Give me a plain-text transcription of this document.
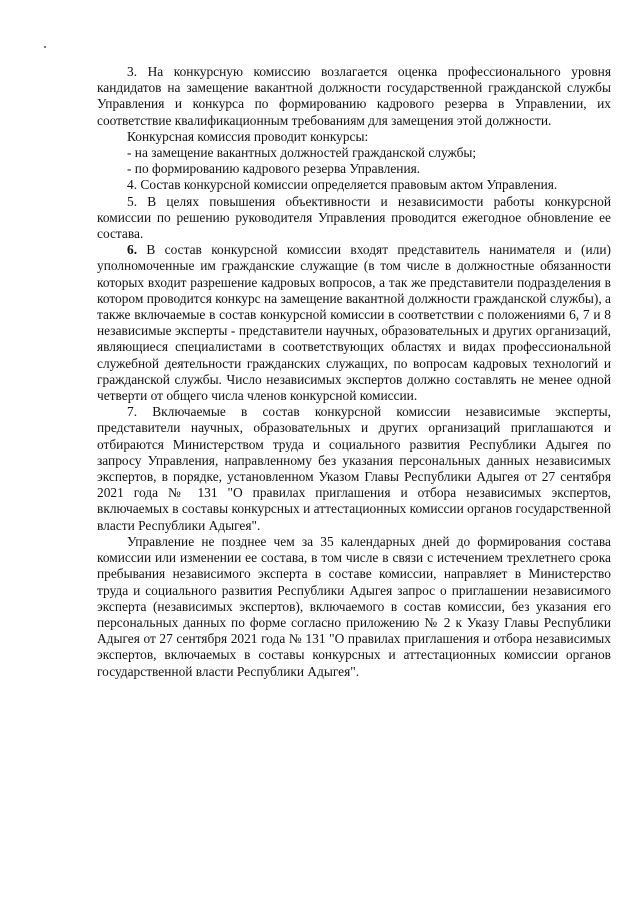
3. На конкурсную комиссию возлагается оценка профессионального уровня кандидатов на замещение вакантной должности государственной гражданской службы Управления и конкурса по формированию кадрового резерва в Управлении, их соответствие квалификационным требованиям для замещения этой должности.

Конкурсная комиссия проводит конкурсы:

- на замещение вакантных должностей гражданской службы;

- по формированию кадрового резерва Управления.

4. Состав конкурсной комиссии определяется правовым актом Управления.

5. В целях повышения объективности и независимости работы конкурсной комиссии по решению руководителя Управления проводится ежегодное обновление ее состава.

6. В состав конкурсной комиссии входят представитель нанимателя и (или) уполномоченные им гражданские служащие (в том числе в должностные обязанности которых входит разрешение кадровых вопросов, а так же представители подразделения в котором проводится конкурс на замещение вакантной должности гражданской службы), а также включаемые в состав конкурсной комиссии в соответствии с положениями 6, 7 и 8 независимые эксперты - представители научных, образовательных и других организаций, являющиеся специалистами в соответствующих областях и видах профессиональной служебной деятельности гражданских служащих, по вопросам кадровых технологий и гражданской службы. Число независимых экспертов должно составлять не менее одной четверти от общего числа членов конкурсной комиссии.

7. Включаемые в состав конкурсной комиссии независимые эксперты, представители научных, образовательных и других организаций приглашаются и отбираются Министерством труда и социального развития Республики Адыгея по запросу Управления, направленному без указания персональных данных независимых экспертов, в порядке, установленном Указом Главы Республики Адыгея от 27 сентября 2021 года № 131 "О правилах приглашения и отбора независимых экспертов, включаемых в составы конкурсных и аттестационных комиссии органов государственной власти Республики Адыгея".

Управление не позднее чем за 35 календарных дней до формирования состава комиссии или изменении ее состава, в том числе в связи с истечением трехлетнего срока пребывания независимого эксперта в составе комиссии, направляет в Министерство труда и социального развития Республики Адыгея запрос о приглашении независимого эксперта (независимых экспертов), включаемого в состав комиссии, без указания его персональных данных по форме согласно приложению № 2 к Указу Главы Республики Адыгея от 27 сентября 2021 года № 131 "О правилах приглашения и отбора независимых экспертов, включаемых в составы конкурсных и аттестационных комиссии органов государственной власти Республики Адыгея".
